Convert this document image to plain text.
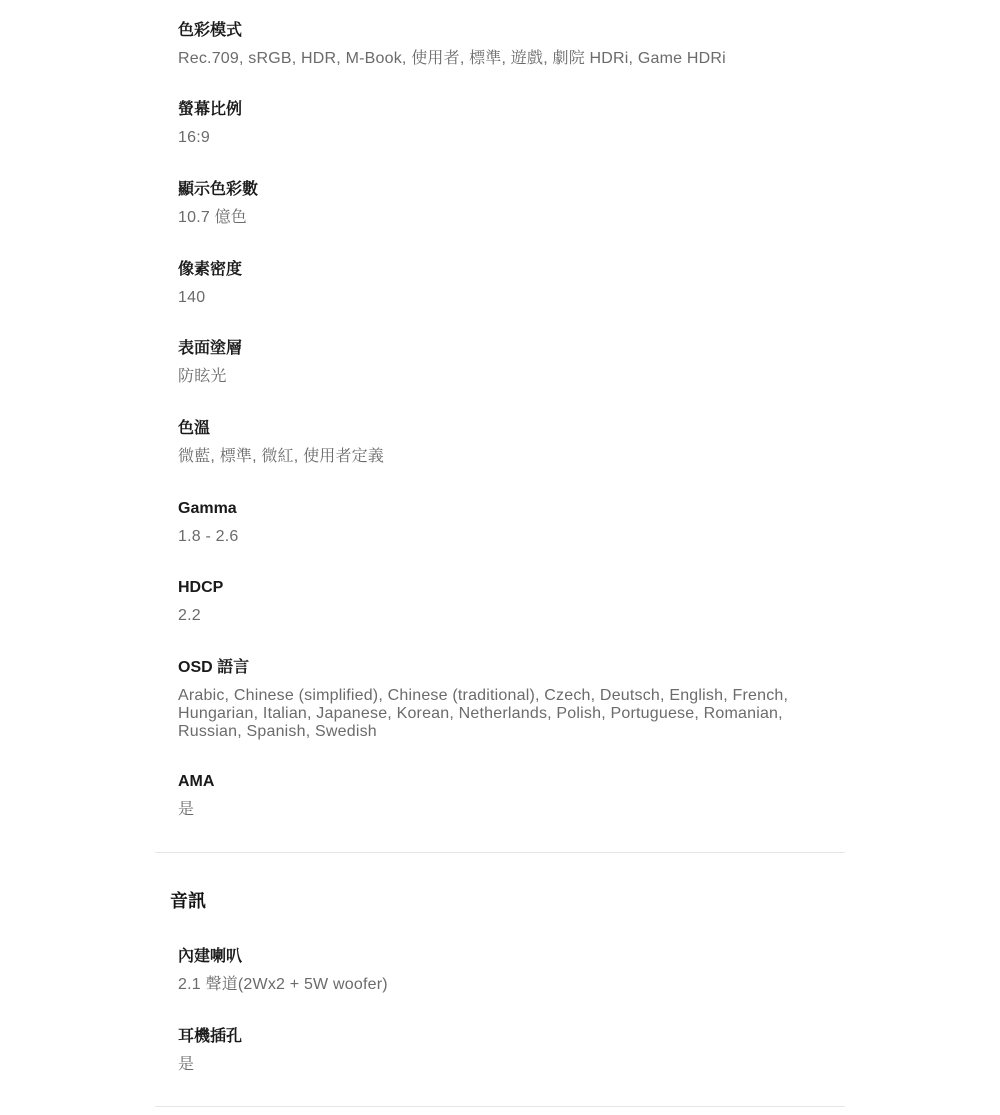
色彩模式
Rec.709, sRGB, HDR, M-Book, 使用者, 標準, 遊戲, 劇院 HDRi, Game HDRi
螢幕比例
16:9
顯示色彩數
10.7 億色
像素密度
140
表面塗層
防眩光
色溫
微藍, 標準, 微紅, 使用者定義
Gamma
1.8 - 2.6
HDCP
2.2
OSD 語言
Arabic, Chinese (simplified), Chinese (traditional), Czech, Deutsch, English, French, Hungarian, Italian, Japanese, Korean, Netherlands, Polish, Portuguese, Romanian, Russian, Spanish, Swedish
AMA
是
音訊
內建喇叭
2.1 聲道(2Wx2 + 5W woofer)
耳機插孔
是
